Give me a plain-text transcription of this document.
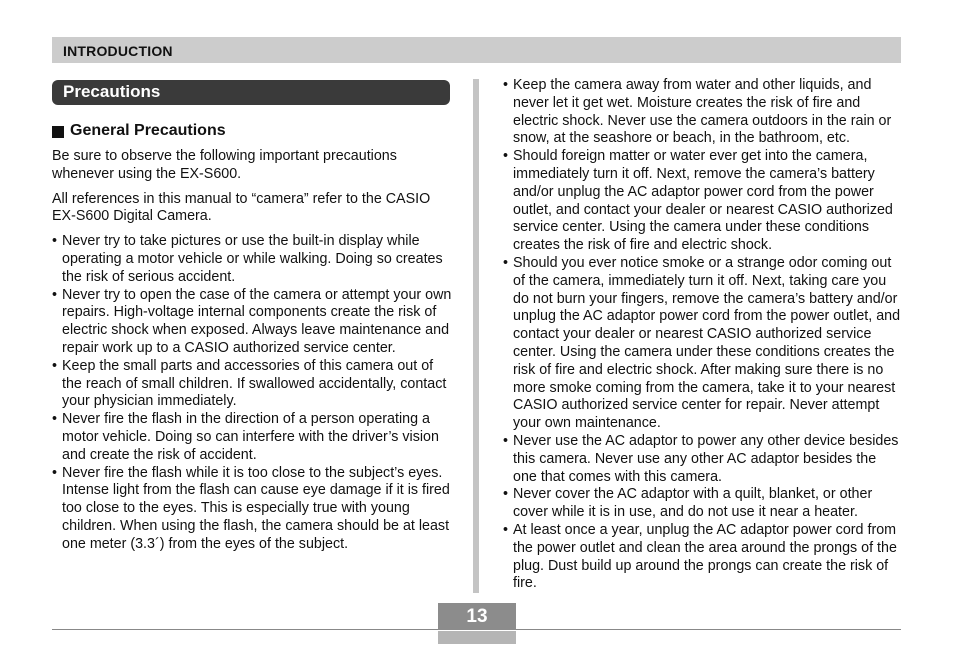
INTRODUCTION
Precautions
General Precautions

Be sure to observe the following important precautions whenever using the EX-S600.

All references in this manual to “camera” refer to the CASIO EX-S600 Digital Camera.

• Never try to take pictures or use the built-in display while operating a motor vehicle or while walking. Doing so creates the risk of serious accident.
• Never try to open the case of the camera or attempt your own repairs. High-voltage internal components create the risk of electric shock when exposed. Always leave maintenance and repair work up to a CASIO authorized service center.
• Keep the small parts and accessories of this camera out of the reach of small children. If swallowed accidentally, contact your physician immediately.
• Never fire the flash in the direction of a person operating a motor vehicle. Doing so can interfere with the driver’s vision and create the risk of accident.
• Never fire the flash while it is too close to the subject’s eyes. Intense light from the flash can cause eye damage if it is fired too close to the eyes. This is especially true with young children. When using the flash, the camera should be at least one meter (3.3´) from the eyes of the subject.
• Keep the camera away from water and other liquids, and never let it get wet. Moisture creates the risk of fire and electric shock. Never use the camera outdoors in the rain or snow, at the seashore or beach, in the bathroom, etc.
• Should foreign matter or water ever get into the camera, immediately turn it off. Next, remove the camera’s battery and/or unplug the AC adaptor power cord from the power outlet, and contact your dealer or nearest CASIO authorized service center. Using the camera under these conditions creates the risk of fire and electric shock.
• Should you ever notice smoke or a strange odor coming out of the camera, immediately turn it off. Next, taking care you do not burn your fingers, remove the camera’s battery and/or unplug the AC adaptor power cord from the power outlet, and contact your dealer or nearest CASIO authorized service center. Using the camera under these conditions creates the risk of fire and electric shock. After making sure there is no more smoke coming from the camera, take it to your nearest CASIO authorized service center for repair. Never attempt your own maintenance.
• Never use the AC adaptor to power any other device besides this camera. Never use any other AC adaptor besides the one that comes with this camera.
• Never cover the AC adaptor with a quilt, blanket, or other cover while it is in use, and do not use it near a heater.
• At least once a year, unplug the AC adaptor power cord from the power outlet and clean the area around the prongs of the plug. Dust build up around the prongs can create the risk of fire.
13
